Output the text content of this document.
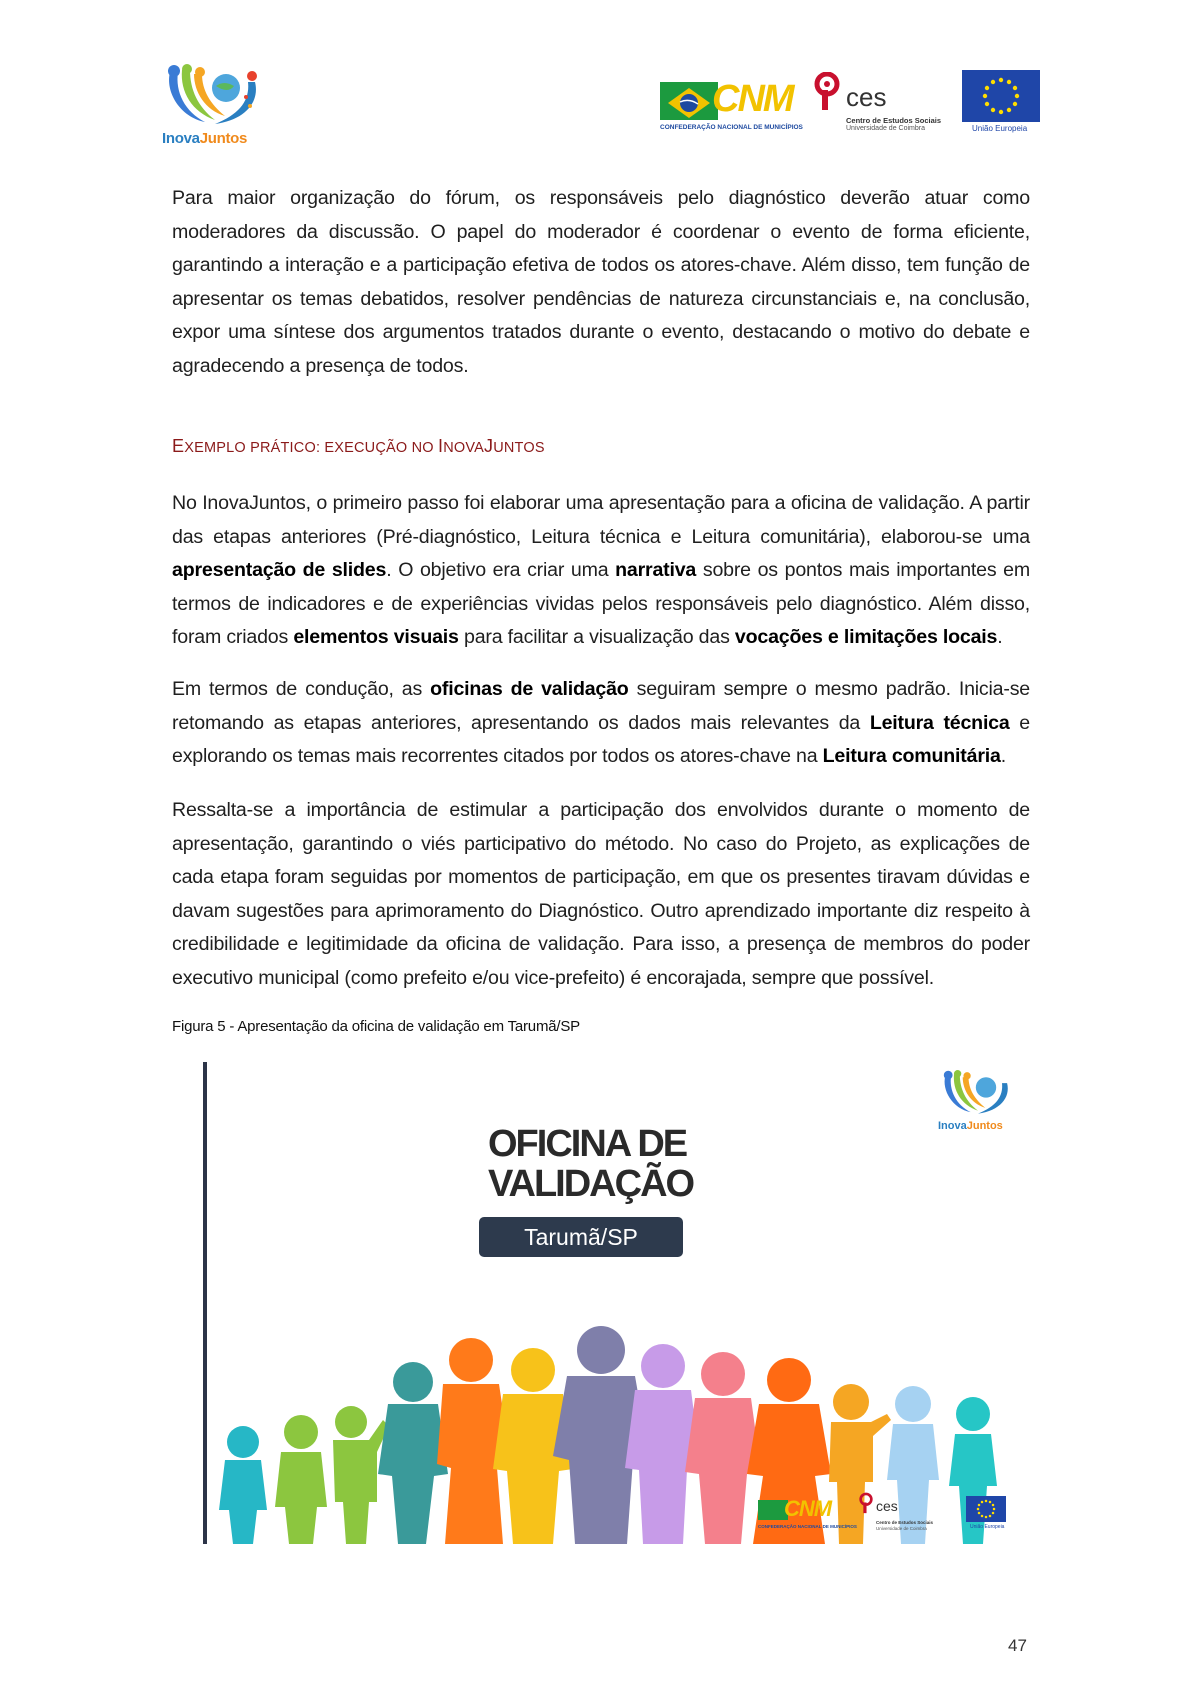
InovaJuntos
CNM
CONFEDERAÇÃO NACIONAL DE MUNICÍPIOS
ces
Centro de Estudos Sociais
Universidade de Coimbra	União Europeia
Para maior organização do fórum, os responsáveis pelo diagnóstico deverão atuar como moderadores da discussão. O papel do moderador é coordenar o evento de forma eficiente, garantindo a interação e a participação efetiva de todos os atores-chave. Além disso, tem função de apresentar os temas debatidos, resolver pendências de natureza circunstanciais e, na conclusão, expor uma síntese dos argumentos tratados durante o evento, destacando o motivo do debate e agradecendo a presença de todos.
EXEMPLO PRÁTICO: EXECUÇÃO NO INOVAJUNTOS
No InovaJuntos, o primeiro passo foi elaborar uma apresentação para a oficina de validação. A partir das etapas anteriores (Pré-diagnóstico, Leitura técnica e Leitura comunitária), elaborou-se uma apresentação de slides. O objetivo era criar uma narrativa sobre os pontos mais importantes em termos de indicadores e de experiências vividas pelos responsáveis pelo diagnóstico. Além disso, foram criados elementos visuais para facilitar a visualização das vocações e limitações locais.
Em termos de condução, as oficinas de validação seguiram sempre o mesmo padrão. Inicia-se retomando as etapas anteriores, apresentando os dados mais relevantes da Leitura técnica e explorando os temas mais recorrentes citados por todos os atores-chave na Leitura comunitária.
Ressalta-se a importância de estimular a participação dos envolvidos durante o momento de apresentação, garantindo o viés participativo do método. No caso do Projeto, as explicações de cada etapa foram seguidas por momentos de participação, em que os presentes tiravam dúvidas e davam sugestões para aprimoramento do Diagnóstico. Outro aprendizado importante diz respeito à credibilidade e legitimidade da oficina de validação. Para isso, a presença de membros do poder executivo municipal (como prefeito e/ou vice-prefeito) é encorajada, sempre que possível.
Figura 5 - Apresentação da oficina de validação em Tarumã/SP
InovaJuntos
OFICINA DE
VALIDAÇÃO
Tarumã/SP
CNM
CONFEDERAÇÃO NACIONAL DE MUNICÍPIOS
ces
Centro de Estudos Sociais
Universidade de Coimbra	União Europeia
47
